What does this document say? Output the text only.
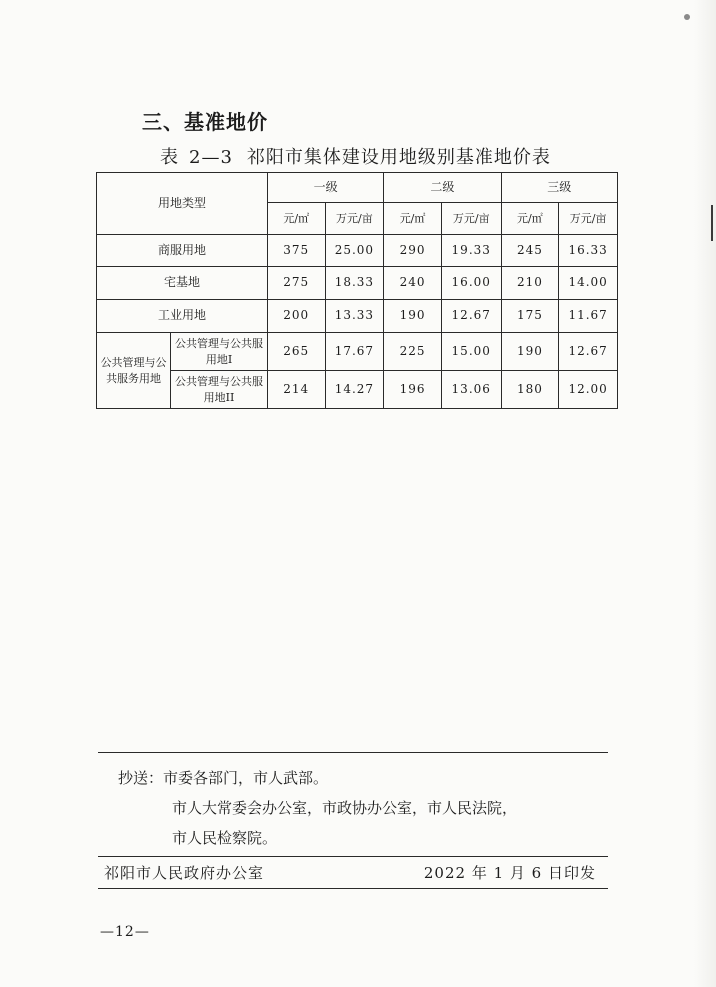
三、基准地价
表 2—3 祁阳市集体建设用地级别基准地价表
用地类型		一级		二级		三级	
		元/㎡	万元/亩	元/㎡	万元/亩	元/㎡	万元/亩
商服用地		375	25.00	290	19.33	245	16.33
宅基地		275	18.33	240	16.00	210	14.00
工业用地		200	13.33	190	12.67	175	11.67
公共管理与公共服务用地	公共管理与公共服用地Ⅰ	265	17.67	225	15.00	190	12.67
	公共管理与公共服用地II	214	14.27	196	13.06	180	12.00
抄送：市委各部门，市人武部。
市人大常委会办公室，市政协办公室，市人民法院，
市人民检察院。
祁阳市人民政府办公室	2022 年 1 月 6 日印发
—12—
